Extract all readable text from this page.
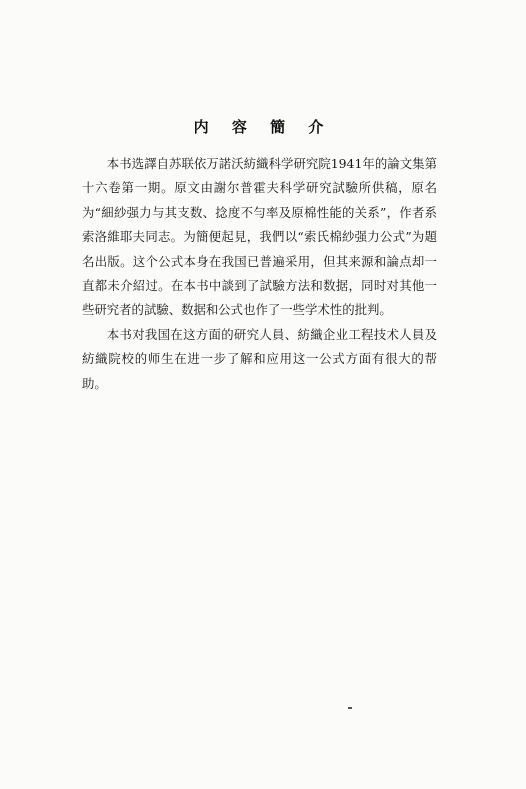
内 容 簡 介

本书选譯自苏联依万諾沃紡織科学研究院1941年的論文集第十六卷第一期。原文由謝尔普霍夫科学研究試驗所供稿，原名为“細紗强力与其支数、捻度不勻率及原棉性能的关系”，作者系索洛維耶夫同志。为簡便起見，我們以“索氏棉紗强力公式”为題名出版。这个公式本身在我国已普遍采用，但其来源和論点却一直都未介紹过。在本书中談到了試驗方法和数据，同时对其他一些研究者的試驗、数据和公式也作了一些学术性的批判。

本书对我国在这方面的研究人員、紡織企业工程技术人員及紡織院校的师生在进一步了解和应用这一公式方面有很大的帮助。
